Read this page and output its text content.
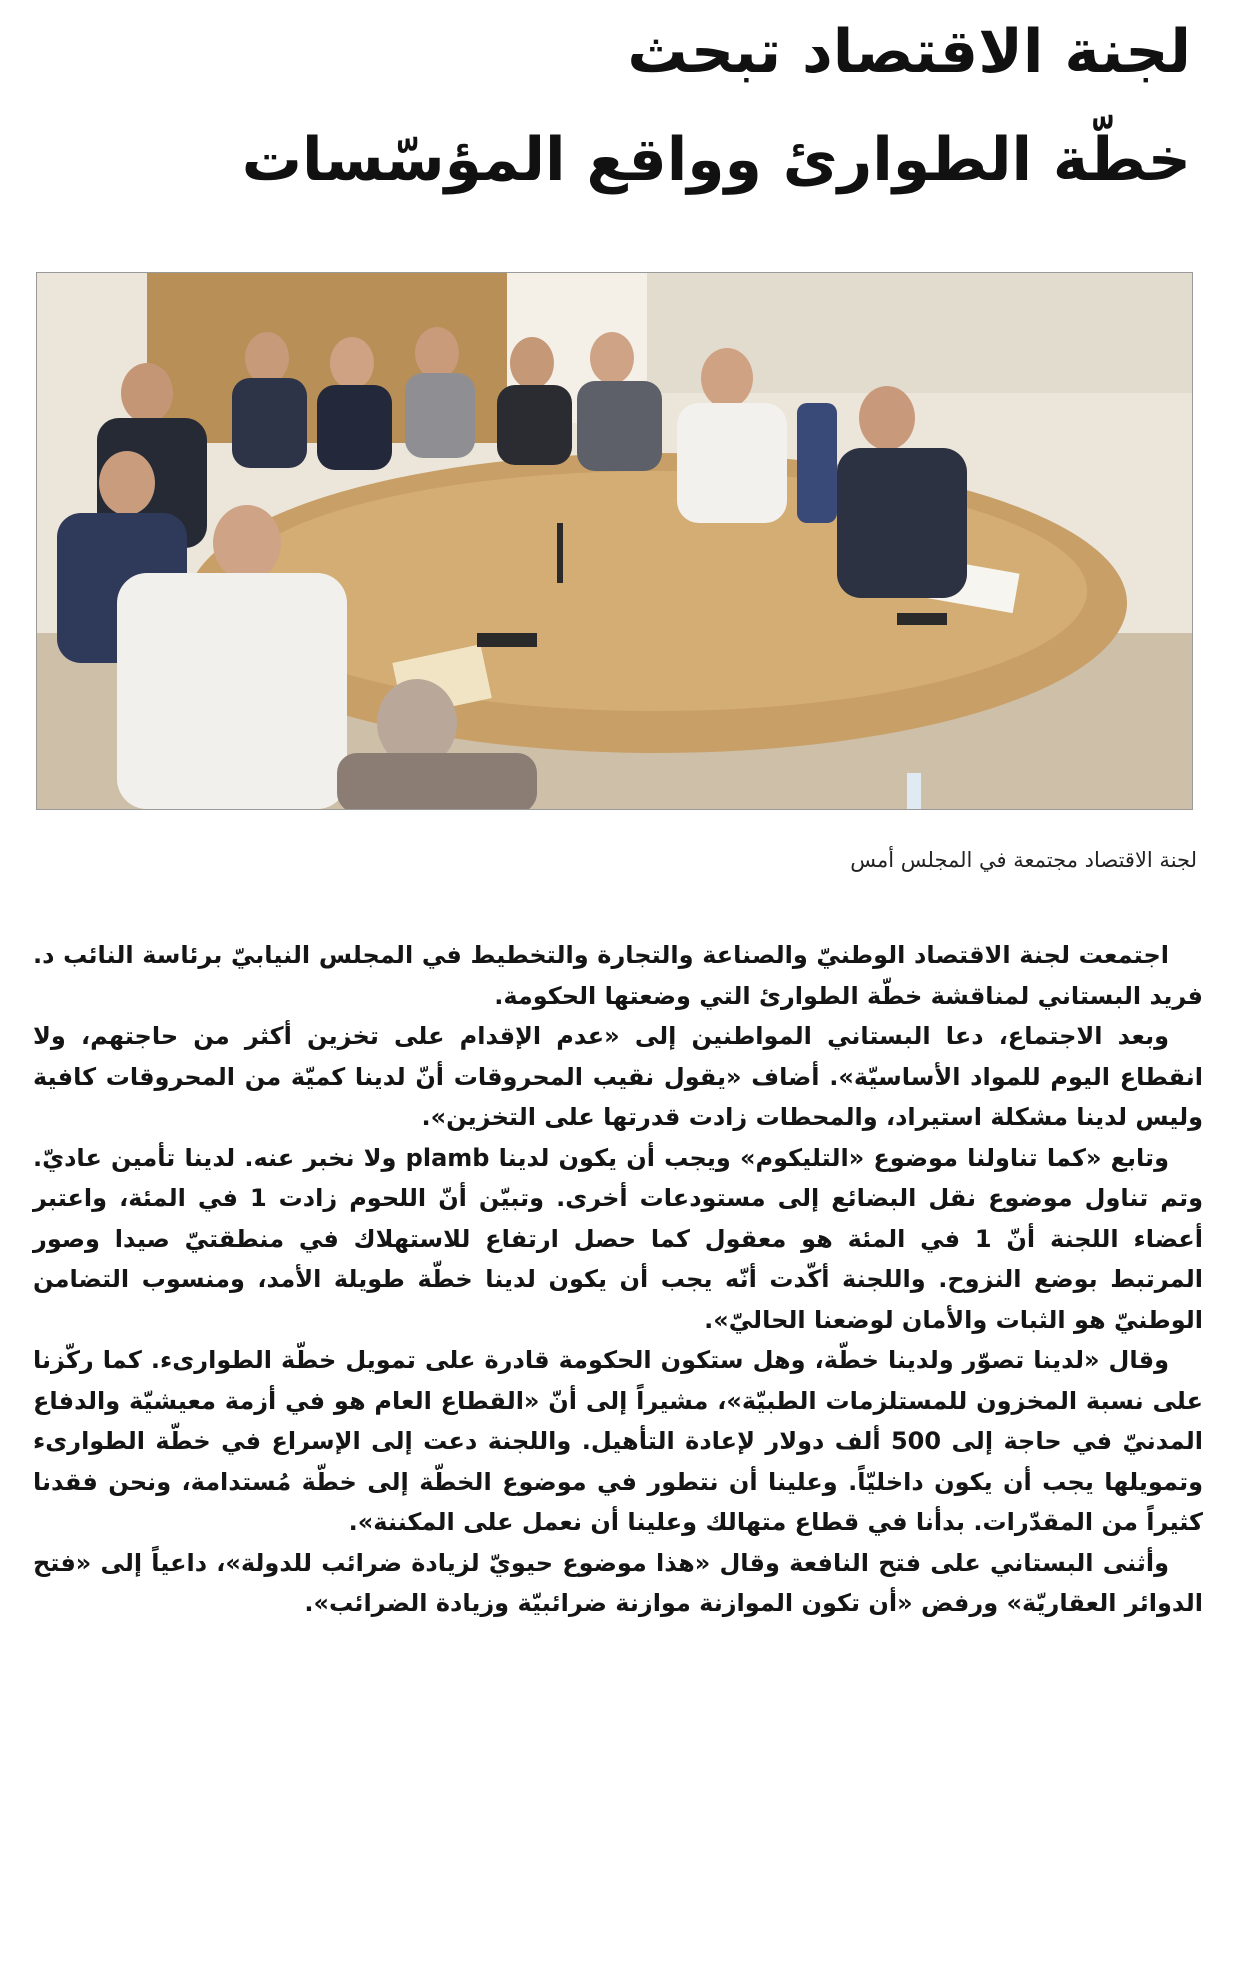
لجنة الاقتصاد تبحث
خطّة الطوارئ وواقع المؤسّسات
لجنة الاقتصاد مجتمعة في المجلس أمس

اجتمعت لجنة الاقتصاد الوطنيّ والصناعة والتجارة والتخطيط في المجلس النيابيّ برئاسة النائب د. فريد البستاني لمناقشة خطّة الطوارئ التي وضعتها الحكومة.

وبعد الاجتماع، دعا البستاني المواطنين إلى «عدم الإقدام على تخزين أكثر من حاجتهم، ولا انقطاع اليوم للمواد الأساسيّة». أضاف «يقول نقيب المحروقات أنّ لدينا كميّة من المحروقات كافية وليس لدينا مشكلة استيراد، والمحطات زادت قدرتها على التخزين».

وتابع «كما تناولنا موضوع «التليكوم» ويجب أن يكون لدينا plamb ولا نخبر عنه. لدينا تأمين عاديّ. وتم تناول موضوع نقل البضائع إلى مستودعات أخرى. وتبيّن أنّ اللحوم زادت 1 في المئة، واعتبر أعضاء اللجنة أنّ 1 في المئة هو معقول كما حصل ارتفاع للاستهلاك في منطقتيّ صيدا وصور المرتبط بوضع النزوح. واللجنة أكّدت أنّه يجب أن يكون لدينا خطّة طويلة الأمد، ومنسوب التضامن الوطنيّ هو الثبات والأمان لوضعنا الحاليّ».

وقال «لدينا تصوّر ولدينا خطّة، وهل ستكون الحكومة قادرة على تمويل خطّة الطوارىء. كما ركّزنا على نسبة المخزون للمستلزمات الطبيّة»، مشيراً إلى أنّ «القطاع العام هو في أزمة معيشيّة والدفاع المدنيّ في حاجة إلى 500 ألف دولار لإعادة التأهيل. واللجنة دعت إلى الإسراع في خطّة الطوارىء وتمويلها يجب أن يكون داخليّاً. وعلينا أن نتطور في موضوع الخطّة إلى خطّة مُستدامة، ونحن فقدنا كثيراً من المقدّرات. بدأنا في قطاع متهالك وعلينا أن نعمل على المكننة».

وأثنى البستاني على فتح النافعة وقال «هذا موضوع حيويّ لزيادة ضرائب للدولة»، داعياً إلى «فتح الدوائر العقاريّة» ورفض «أن تكون الموازنة موازنة ضرائبيّة وزيادة الضرائب».
